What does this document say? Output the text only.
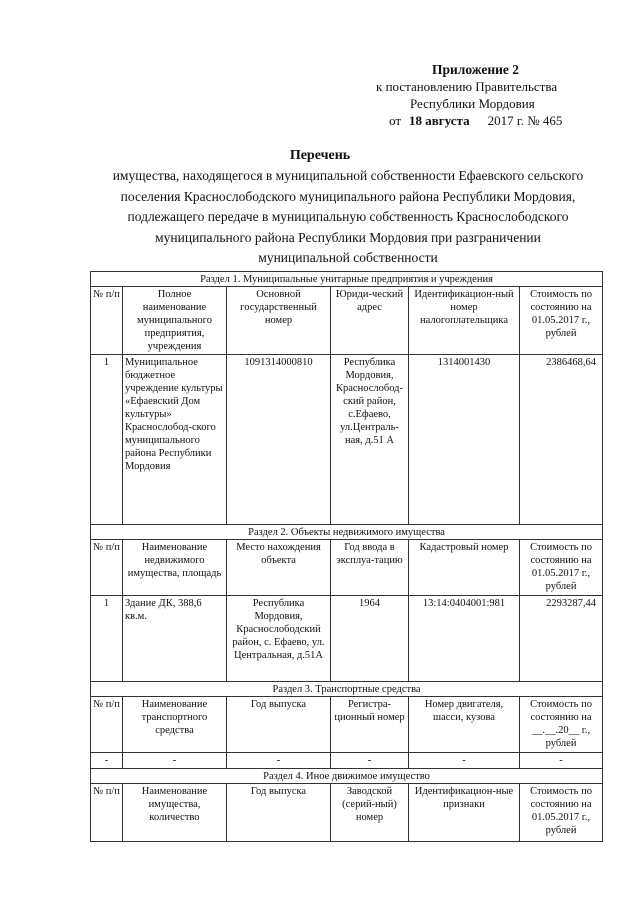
Приложение 2
к постановлению Правительства
Республики Мордовия
от 18 августа 2017 г. № 465
Перечень
имущества, находящегося в муниципальной собственности Ефаевского сельского поселения Краснослободского муниципального района Республики Мордовия, подлежащего передаче в муниципальную собственность Краснослободского муниципального района Республики Мордовия при разграничении муниципальной собственности
Раздел 1. Муниципальные унитарные предприятия и учреждения					
№ п/п	Полное наименование муниципального предприятия, учреждения	Основной государственный номер	Юриди-ческий адрес	Идентификацион-ный номер налогоплательщика	Стоимость по состоянию на 01.05.2017 г., рублей
1	Муниципальное бюджетное учреждение культуры «Ефаевский Дом культуры» Краснослобод-ского муниципального района Республики Мордовия	1091314000810	Республика Мордовия, Краснослобод-ский район, с.Ефаево, ул.Централь-ная, д.51 А	1314001430	2386468,64
Раздел 2. Объекты недвижимого имущества					
№ п/п	Наименование недвижимого имущества, площадь	Место нахождения объекта	Год ввода в эксплуа-тацию	Кадастровый номер	Стоимость по состоянию на 01.05.2017 г., рублей
1	Здание ДК, 388,6 кв.м.	Республика Мордовия, Краснослободский район, с. Ефаево, ул. Центральная, д.51А	1964	13:14:0404001:981	2293287,44
Раздел 3. Транспортные средства					
№ п/п	Наименование транспортного средства	Год выпуска	Регистра-ционный номер	Номер двигателя, шасси, кузова	Стоимость по состоянию на __.__.20__ г., рублей
-	-	-	-	-	-
Раздел 4. Иное движимое имущество					
№ п/п	Наименование имущества, количество	Год выпуска	Заводской (серий-ный) номер	Идентификацион-ные признаки	Стоимость по состоянию на 01.05.2017 г., рублей
